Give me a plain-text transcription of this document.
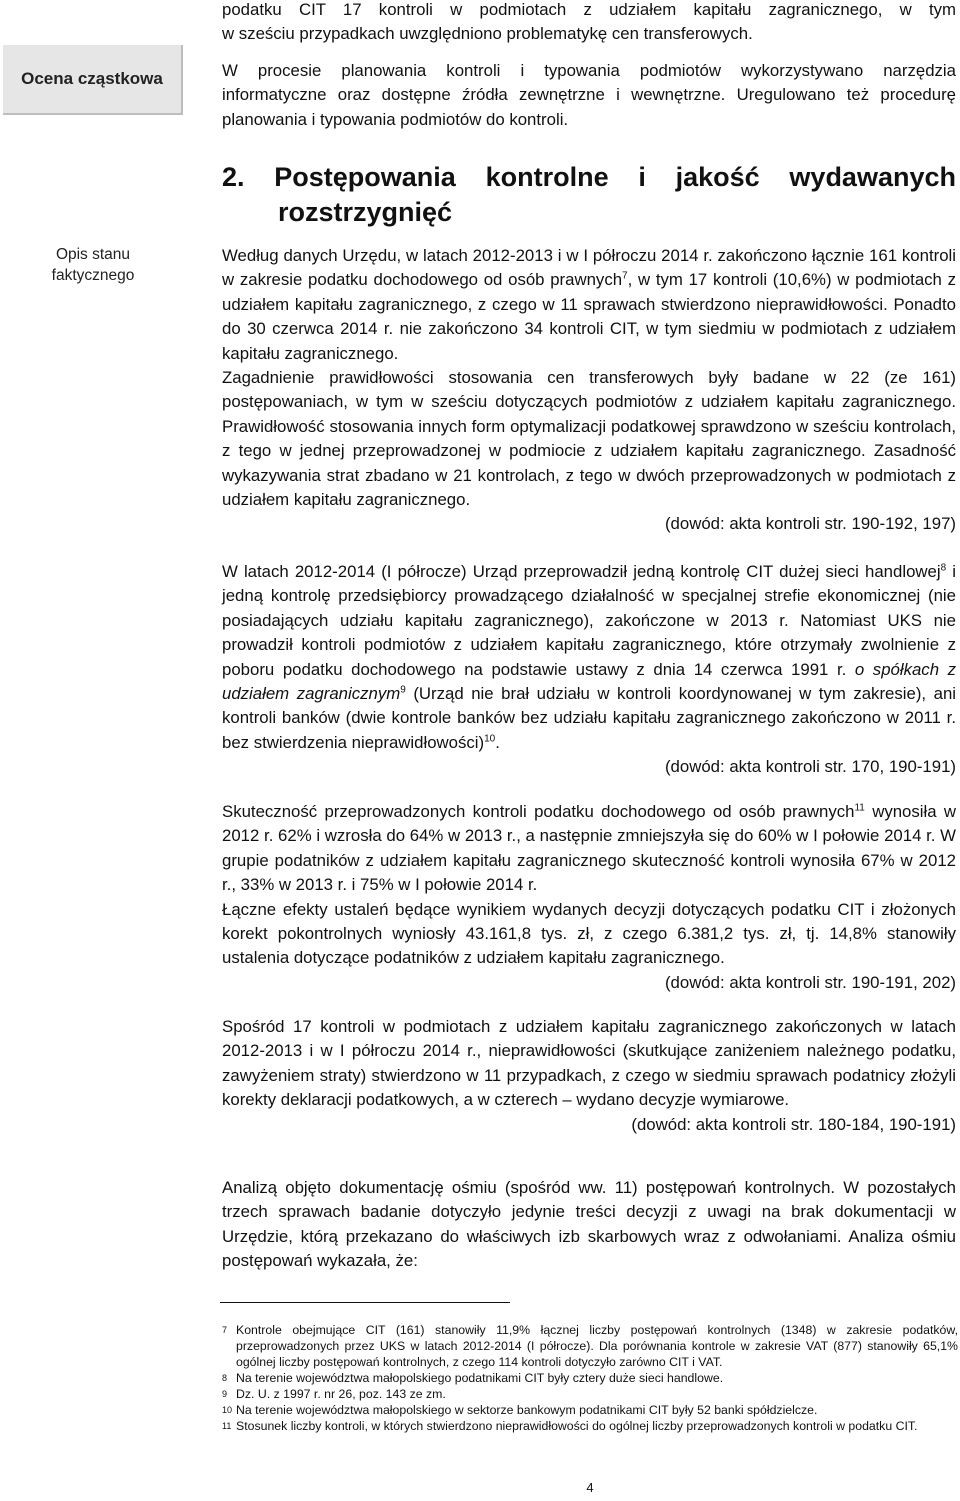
Ocena cząstkowa
Opis stanu
faktycznego

podatku CIT 17 kontroli w podmiotach z udziałem kapitału zagranicznego, w tym

w sześciu przypadkach uwzględniono problematykę cen transferowych.

W procesie planowania kontroli i typowania podmiotów wykorzystywano narzędzia

informatyczne oraz dostępne źródła zewnętrzne i wewnętrzne. Uregulowano też procedurę

planowania i typowania podmiotów do kontroli.

2. Postępowania kontrolne i jakość wydawanych
rozstrzygnięć

Według danych Urzędu, w latach 2012-2013 i w I półroczu 2014 r. zakończono łącznie 161 kontroli w zakresie podatku dochodowego od osób prawnych$^7$, w tym 17 kontroli (10,6%) w podmiotach z udziałem kapitału zagranicznego, z czego w 11 sprawach stwierdzono nieprawidłowości. Ponadto do 30 czerwca 2014 r. nie zakończono 34 kontroli CIT, w tym siedmiu w podmiotach z udziałem kapitału zagranicznego.

Zagadnienie prawidłowości stosowania cen transferowych były badane w 22 (ze 161) postępowaniach, w tym w sześciu dotyczących podmiotów z udziałem kapitału zagranicznego. Prawidłowość stosowania innych form optymalizacji podatkowej sprawdzono w sześciu kontrolach, z tego w jednej przeprowadzonej w podmiocie z udziałem kapitału zagranicznego. Zasadność wykazywania strat zbadano w 21 kontrolach, z tego w dwóch przeprowadzonych w podmiotach z udziałem kapitału zagranicznego.

(dowód: akta kontroli str. 190-192, 197)

W latach 2012-2014 (I półrocze) Urząd przeprowadził jedną kontrolę CIT dużej sieci handlowej$^8$ i jedną kontrolę przedsiębiorcy prowadzącego działalność w specjalnej strefie ekonomicznej (nie posiadających udziału kapitału zagranicznego), zakończone w 2013 r. Natomiast UKS nie prowadził kontroli podmiotów z udziałem kapitału zagranicznego, które otrzymały zwolnienie z poboru podatku dochodowego na podstawie ustawy z dnia 14 czerwca 1991 r. o spółkach z udziałem zagranicznym$^9$ (Urząd nie brał udziału w kontroli koordynowanej w tym zakresie), ani kontroli banków (dwie kontrole banków bez udziału kapitału zagranicznego zakończono w 2011 r. bez stwierdzenia nieprawidłowości)$^{10}$.

(dowód: akta kontroli str. 170, 190-191)

Skuteczność przeprowadzonych kontroli podatku dochodowego od osób prawnych$^{11}$ wynosiła w 2012 r. 62% i wzrosła do 64% w 2013 r., a następnie zmniejszyła się do 60% w I połowie 2014 r. W grupie podatników z udziałem kapitału zagranicznego skuteczność kontroli wynosiła 67% w 2012 r., 33% w 2013 r. i 75% w I połowie 2014 r.

Łączne efekty ustaleń będące wynikiem wydanych decyzji dotyczących podatku CIT i złożonych korekt pokontrolnych wyniosły 43.161,8 tys. zł, z czego 6.381,2 tys. zł, tj. 14,8% stanowiły ustalenia dotyczące podatników z udziałem kapitału zagranicznego.

(dowód: akta kontroli str. 190-191, 202)

Spośród 17 kontroli w podmiotach z udziałem kapitału zagranicznego zakończonych w latach 2012-2013 i w I półroczu 2014 r., nieprawidłowości (skutkujące zaniżeniem należnego podatku, zawyżeniem straty) stwierdzono w 11 przypadkach, z czego w siedmiu sprawach podatnicy złożyli korekty deklaracji podatkowych, a w czterech – wydano decyzje wymiarowe.

(dowód: akta kontroli str. 180-184, 190-191)

Analizą objęto dokumentację ośmiu (spośród ww. 11) postępowań kontrolnych. W pozostałych trzech sprawach badanie dotyczyło jedynie treści decyzji z uwagi na brak dokumentacji w Urzędzie, którą przekazano do właściwych izb skarbowych wraz z odwołaniami. Analiza ośmiu postępowań wykazała, że:

7 Kontrole obejmujące CIT (161) stanowiły 11,9% łącznej liczby postępowań kontrolnych (1348) w zakresie podatków, przeprowadzonych przez UKS w latach 2012-2014 (I półrocze). Dla porównania kontrole w zakresie VAT (877) stanowiły 65,1% ogólnej liczby postępowań kontrolnych, z czego 114 kontroli dotyczyło zarówno CIT i VAT.
8 Na terenie województwa małopolskiego podatnikami CIT były cztery duże sieci handlowe.
9 Dz. U. z 1997 r. nr 26, poz. 143 ze zm.
10 Na terenie województwa małopolskiego w sektorze bankowym podatnikami CIT były 52 banki spółdzielcze.
11 Stosunek liczby kontroli, w których stwierdzono nieprawidłowości do ogólnej liczby przeprowadzonych kontroli w podatku CIT.
4
